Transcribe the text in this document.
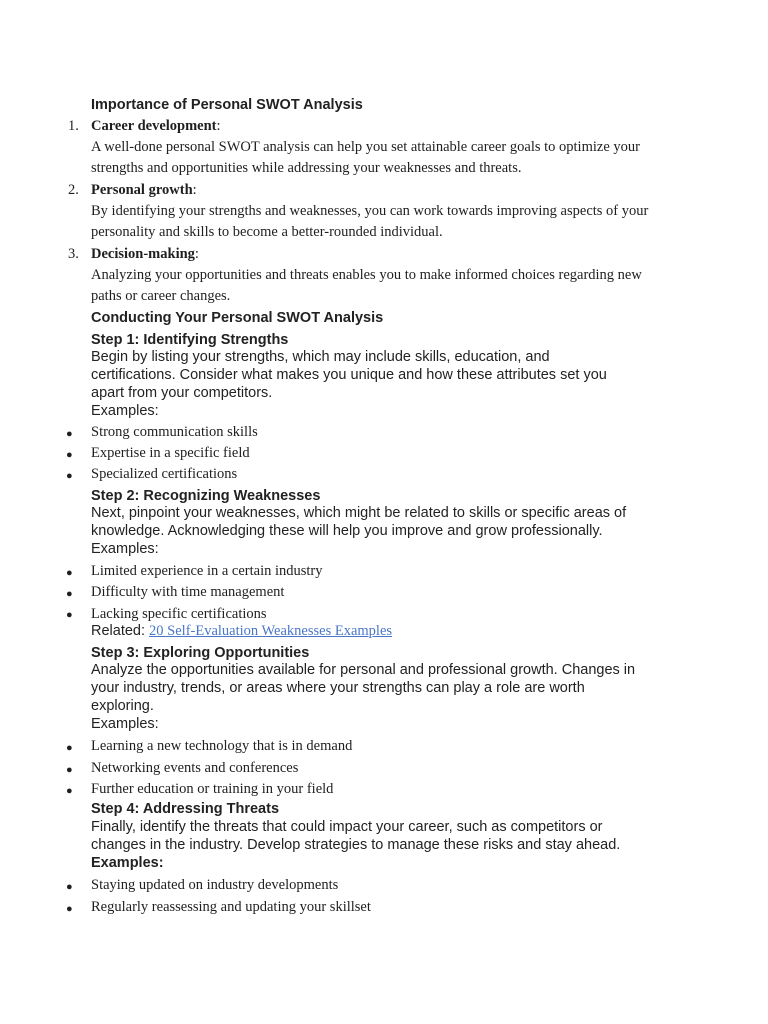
Importance of Personal SWOT Analysis
1. Career development:
A well-done personal SWOT analysis can help you set attainable career goals to optimize your
strengths and opportunities while addressing your weaknesses and threats.
2. Personal growth:
By identifying your strengths and weaknesses, you can work towards improving aspects of your
personality and skills to become a better-rounded individual.
3. Decision-making:
Analyzing your opportunities and threats enables you to make informed choices regarding new
paths or career changes.
Conducting Your Personal SWOT Analysis
Step 1: Identifying Strengths
Begin by listing your strengths, which may include skills, education, and
certifications. Consider what makes you unique and how these attributes set you
apart from your competitors.
Examples:
● Strong communication skills
● Expertise in a specific field
● Specialized certifications
Step 2: Recognizing Weaknesses
Next, pinpoint your weaknesses, which might be related to skills or specific areas of
knowledge. Acknowledging these will help you improve and grow professionally.
Examples:
● Limited experience in a certain industry
● Difficulty with time management
● Lacking specific certifications
Related: 20 Self-Evaluation Weaknesses Examples
Step 3: Exploring Opportunities
Analyze the opportunities available for personal and professional growth. Changes in
your industry, trends, or areas where your strengths can play a role are worth
exploring.
Examples:
● Learning a new technology that is in demand
● Networking events and conferences
● Further education or training in your field
Step 4: Addressing Threats
Finally, identify the threats that could impact your career, such as competitors or
changes in the industry. Develop strategies to manage these risks and stay ahead.
Examples:
● Staying updated on industry developments
● Regularly reassessing and updating your skillset
